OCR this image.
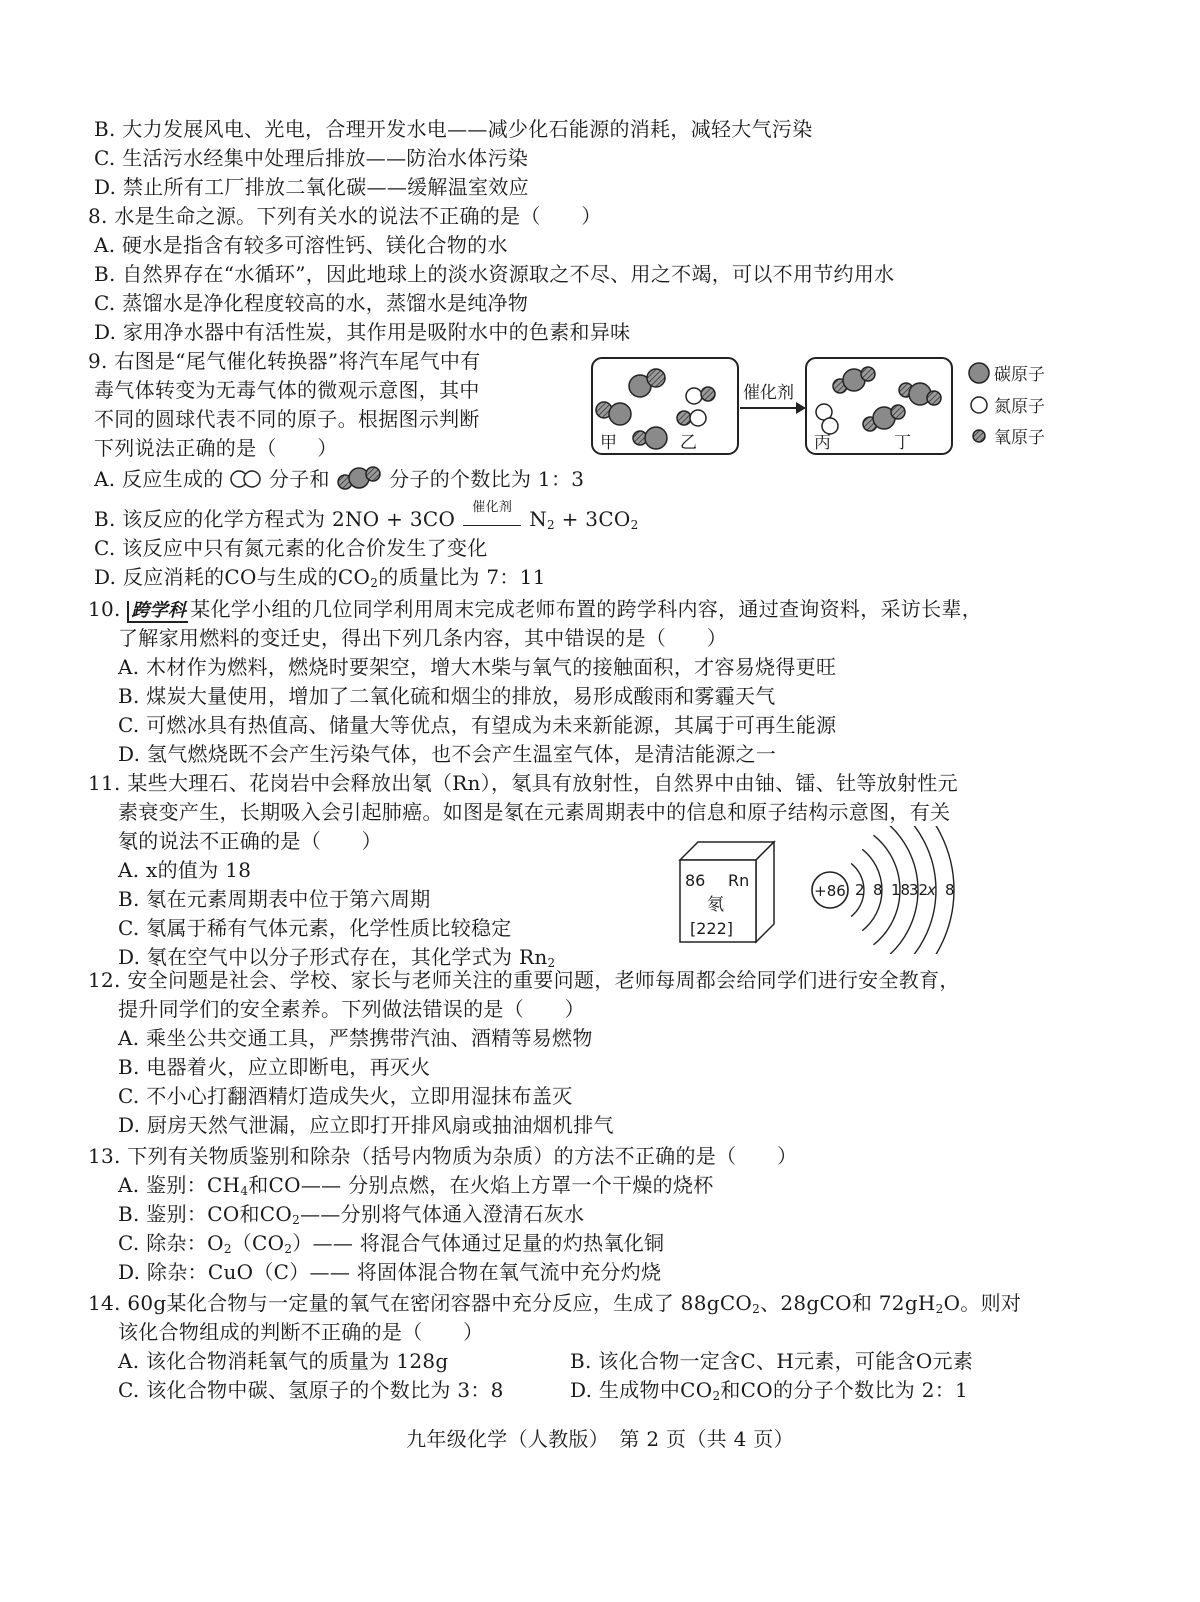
B. 大力发展风电、光电，合理开发水电——减少化石能源的消耗，减轻大气污染
C. 生活污水经集中处理后排放——防治水体污染
D. 禁止所有工厂排放二氧化碳——缓解温室效应
8. 水是生命之源。下列有关水的说法不正确的是（　　）
A. 硬水是指含有较多可溶性钙、镁化合物的水
B. 自然界存在“水循环”，因此地球上的淡水资源取之不尽、用之不竭，可以不用节约用水
C. 蒸馏水是净化程度较高的水，蒸馏水是纯净物
D. 家用净水器中有活性炭，其作用是吸附水中的色素和异味
9. 右图是“尾气催化转换器”将汽车尾气中有
毒气体转变为无毒气体的微观示意图，其中
不同的圆球代表不同的原子。根据图示判断
下列说法正确的是（　　）	甲	乙
催化剂
丙	丁
碳原子
氮原子
氧原子
A. 反应生成的 分子和	分子的个数比为 1：3
B. 该反应的化学方程式为 2NO + 3CO	催化剂 $N_2 + 3CO_2$
C. 该反应中只有氮元素的化合价发生了变化
D. 反应消耗的CO与生成的$CO_2$的质量比为 7：11
10. 跨学科 某化学小组的几位同学利用周末完成老师布置的跨学科内容，通过查询资料，采访长辈，
了解家用燃料的变迁史，得出下列几条内容，其中错误的是（　　）
A. 木材作为燃料，燃烧时要架空，增大木柴与氧气的接触面积，才容易烧得更旺
B. 煤炭大量使用，增加了二氧化硫和烟尘的排放，易形成酸雨和雾霾天气
C. 可燃冰具有热值高、储量大等优点，有望成为未来新能源，其属于可再生能源
D. 氢气燃烧既不会产生污染气体，也不会产生温室气体，是清洁能源之一
11. 某些大理石、花岗岩中会释放出氡（Rn），氡具有放射性，自然界中由铀、镭、钍等放射性元
素衰变产生，长期吸入会引起肺癌。如图是氡在元素周期表中的信息和原子结构示意图，有关
氡的说法不正确的是（　　）
A. x的值为 18
B. 氡在元素周期表中位于第六周期
C. 氡属于稀有气体元素，化学性质比较稳定
D. 氡在空气中以分子形式存在，其化学式为 $Rn_2$
86 Rn
氡
[222]
+86 2 8 18
32
x 8
12. 安全问题是社会、学校、家长与老师关注的重要问题，老师每周都会给同学们进行安全教育，
提升同学们的安全素养。下列做法错误的是（　　）
A. 乘坐公共交通工具，严禁携带汽油、酒精等易燃物
B. 电器着火，应立即断电，再灭火
C. 不小心打翻酒精灯造成失火，立即用湿抹布盖灭
D. 厨房天然气泄漏，应立即打开排风扇或抽油烟机排气
13. 下列有关物质鉴别和除杂（括号内物质为杂质）的方法不正确的是（　　）
A. 鉴别：$CH_4$和CO—— 分别点燃，在火焰上方罩一个干燥的烧杯
B. 鉴别：CO和$CO_2——$分别将气体通入澄清石灰水
C. 除杂：$O_2(CO_2)——$ 将混合气体通过足量的灼热氧化铜
D. 除杂：CuO（C）—— 将固体混合物在氧气流中充分灼烧
14. 60g某化合物与一定量的氧气在密闭容器中充分反应，生成了 88gCO$_2$、28gCO和 $72gH_2O$。则对
该化合物组成的判断不正确的是（　　）
A. 该化合物消耗氧气的质量为 128g	B. 该化合物一定含C、H元素，可能含O元素
C. 该化合物中碳、氢原子的个数比为 3：8	D. 生成物中$CO_2$和CO的分子个数比为 2：1
九年级化学（人教版）　第 2 页（共 4 页）
